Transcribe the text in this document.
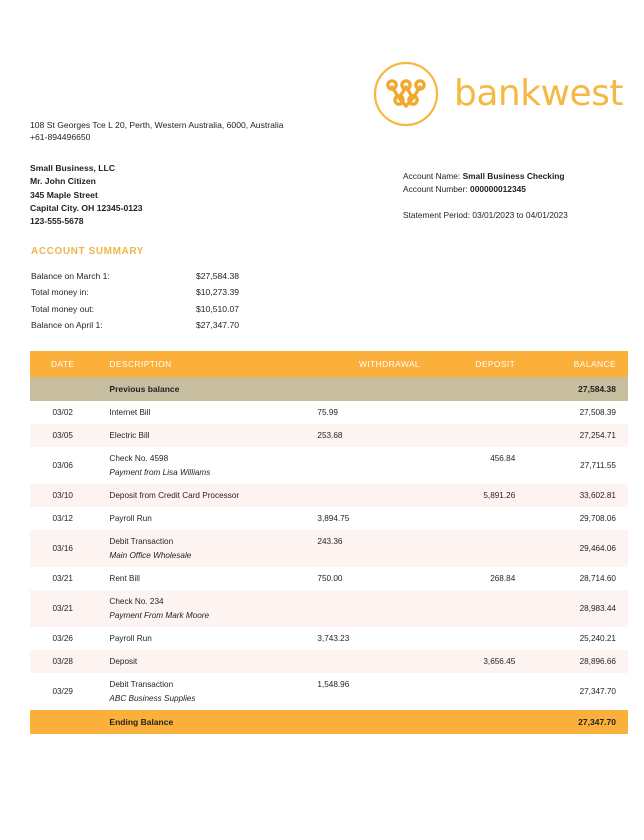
bankwest
108 St Georges Tce L 20, Perth, Western Australia, 6000, Australia
+61-894496650
Small Business, LLC
Mr. John Citizen
345 Maple Street
Capital City. OH 12345-0123
123-555-5678
Account Name: Small Business Checking
Account Number: 000000012345
Statement Period: 03/01/2023 to 04/01/2023
ACCOUNT SUMMARY
Balance on March 1:	$27,584.38
Total money in:	$10,273.39
Total money out:	$10,510.07
Balance on April 1:	$27,347.70
DATE	DESCRIPTION	WITHDRAWAL	DEPOSIT	BALANCE
	Previous balance			27,584.38
03/02	Internet Bill	75.99		27,508.39
03/05	Electric Bill	253.68		27,254.71
03/06	Check No. 4598
Payment from Lisa Williams		456.84	27,711.55
03/10	Deposit from Credit Card Processor		5,891.26	33,602.81
03/12	Payroll Run	3,894.75		29,708.06
03/16	Debit Transaction
Main Office Wholesale	243.36		29,464.06
03/21	Rent Bill	750.00	268.84	28,714.60
03/21	Check No. 234
Payment From Mark Moore			28,983.44
03/26	Payroll Run	3,743.23		25,240.21
03/28	Deposit		3,656.45	28,896.66
03/29	Debit Transaction
ABC Business Supplies	1,548.96		27,347.70
	Ending Balance			27,347.70
